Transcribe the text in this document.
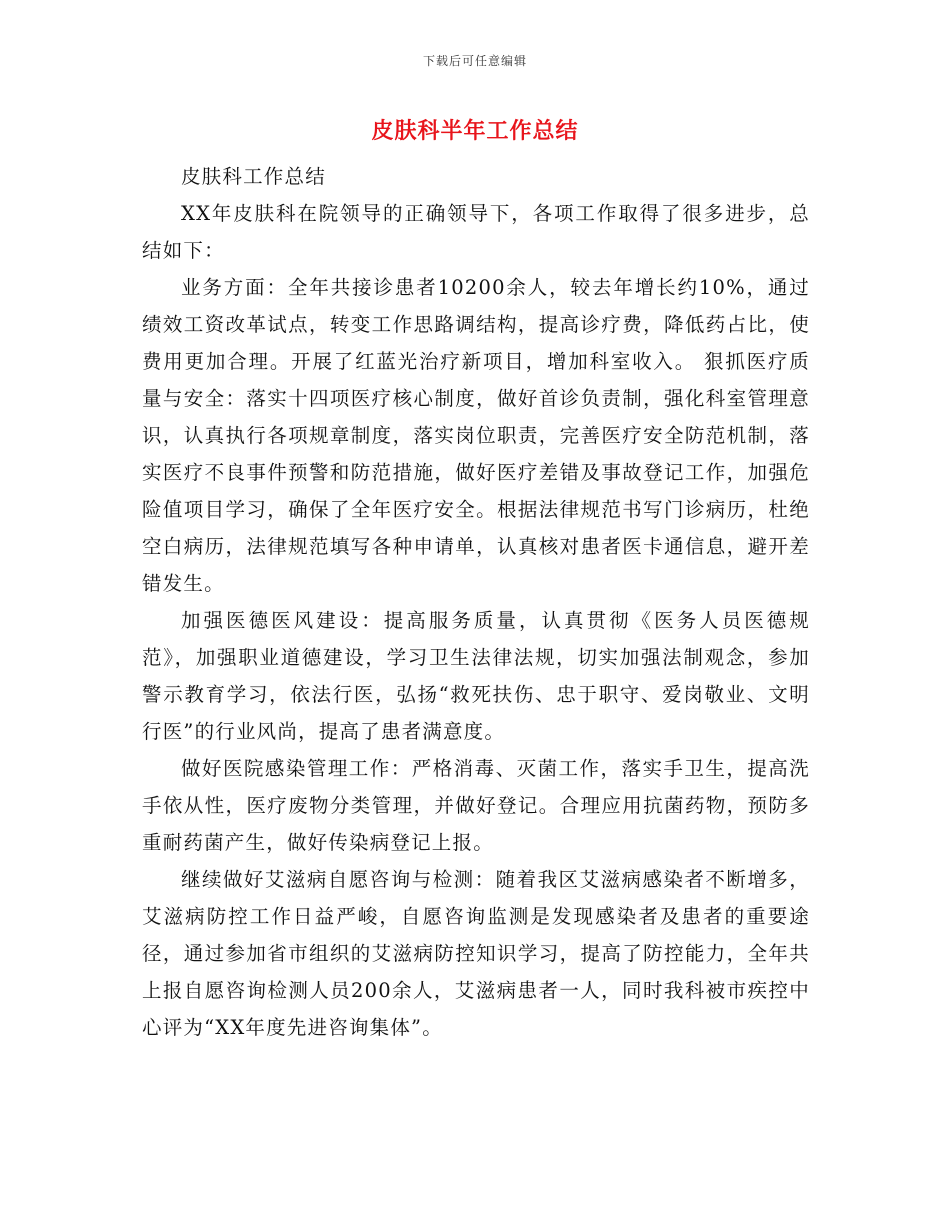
下载后可任意编辑
皮肤科半年工作总结

皮肤科工作总结

XX年皮肤科在院领导的正确领导下，各项工作取得了很多进步，总结如下：

业务方面：全年共接诊患者10200余人，较去年增长约10%，通过绩效工资改革试点，转变工作思路调结构，提高诊疗费，降低药占比，使费用更加合理。开展了红蓝光治疗新项目，增加科室收入。 狠抓医疗质量与安全：落实十四项医疗核心制度，做好首诊负责制，强化科室管理意识，认真执行各项规章制度，落实岗位职责，完善医疗安全防范机制，落实医疗不良事件预警和防范措施，做好医疗差错及事故登记工作，加强危险值项目学习，确保了全年医疗安全。根据法律规范书写门诊病历，杜绝空白病历，法律规范填写各种申请单，认真核对患者医卡通信息，避开差错发生。

加强医德医风建设：提高服务质量，认真贯彻《医务人员医德规范》，加强职业道德建设，学习卫生法律法规，切实加强法制观念，参加警示教育学习，依法行医，弘扬“救死扶伤、忠于职守、爱岗敬业、文明行医”的行业风尚，提高了患者满意度。

做好医院感染管理工作：严格消毒、灭菌工作，落实手卫生，提高洗手依从性，医疗废物分类管理，并做好登记。合理应用抗菌药物，预防多重耐药菌产生，做好传染病登记上报。

继续做好艾滋病自愿咨询与检测：随着我区艾滋病感染者不断增多，艾滋病防控工作日益严峻，自愿咨询监测是发现感染者及患者的重要途径，通过参加省市组织的艾滋病防控知识学习，提高了防控能力，全年共上报自愿咨询检测人员200余人，艾滋病患者一人，同时我科被市疾控中心评为“XX年度先进咨询集体”。
